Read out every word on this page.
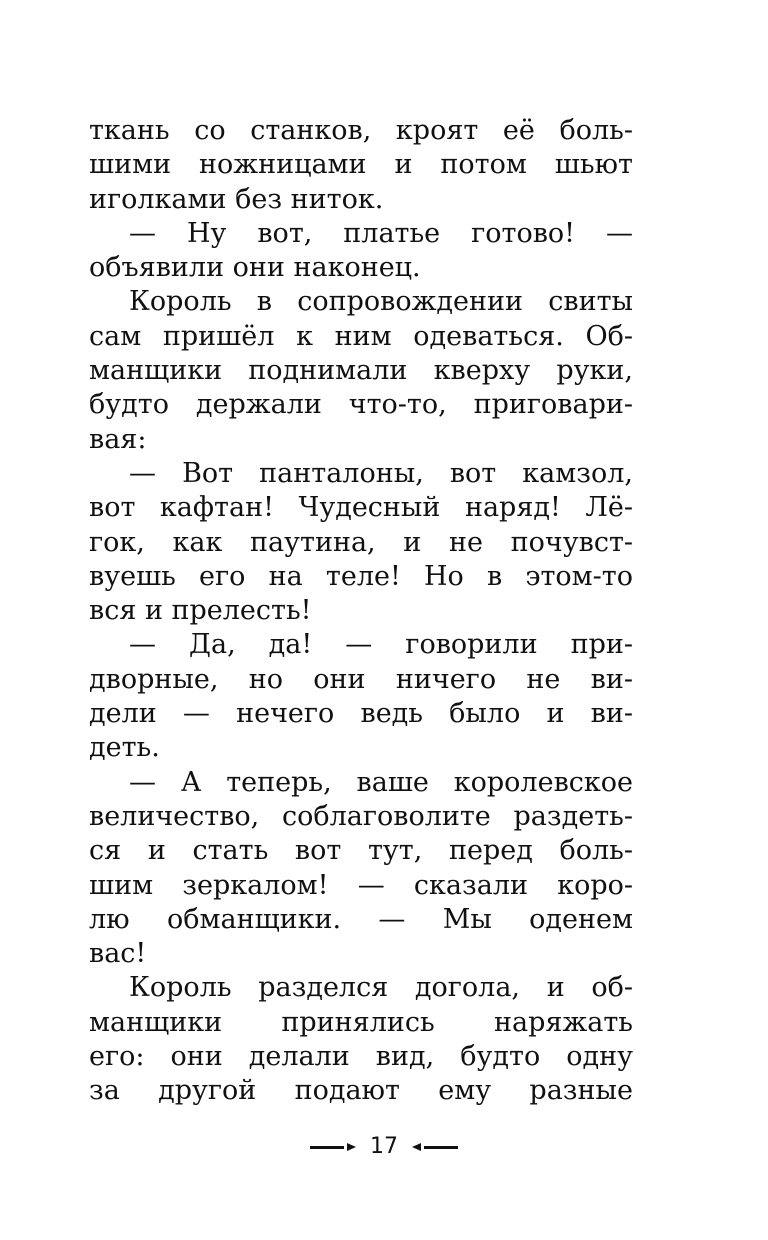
ткань со станков, кроят её боль-
шими ножницами и потом шьют
иголками без ниток.
— Ну вот, платье готово! —
объявили они наконец.
Король в сопровождении свиты
сам пришёл к ним одеваться. Об-
манщики поднимали кверху руки,
будто держали что-то, приговари-
вая:
— Вот панталоны, вот камзол,
вот кафтан! Чудесный наряд! Лё-
гок, как паутина, и не почувст-
вуешь его на теле! Но в этом-то
вся и прелесть!
— Да, да! — говорили при-
дворные, но они ничего не ви-
дели — нечего ведь было и ви-
деть.
— А теперь, ваше королевское
величество, соблаговолите раздеть-
ся и стать вот тут, перед боль-
шим зеркалом! — сказали коро-
лю обманщики. — Мы оденем
вас!
Король разделся догола, и об-
манщики принялись наряжать
его: они делали вид, будто одну
за другой подают ему разные
17
